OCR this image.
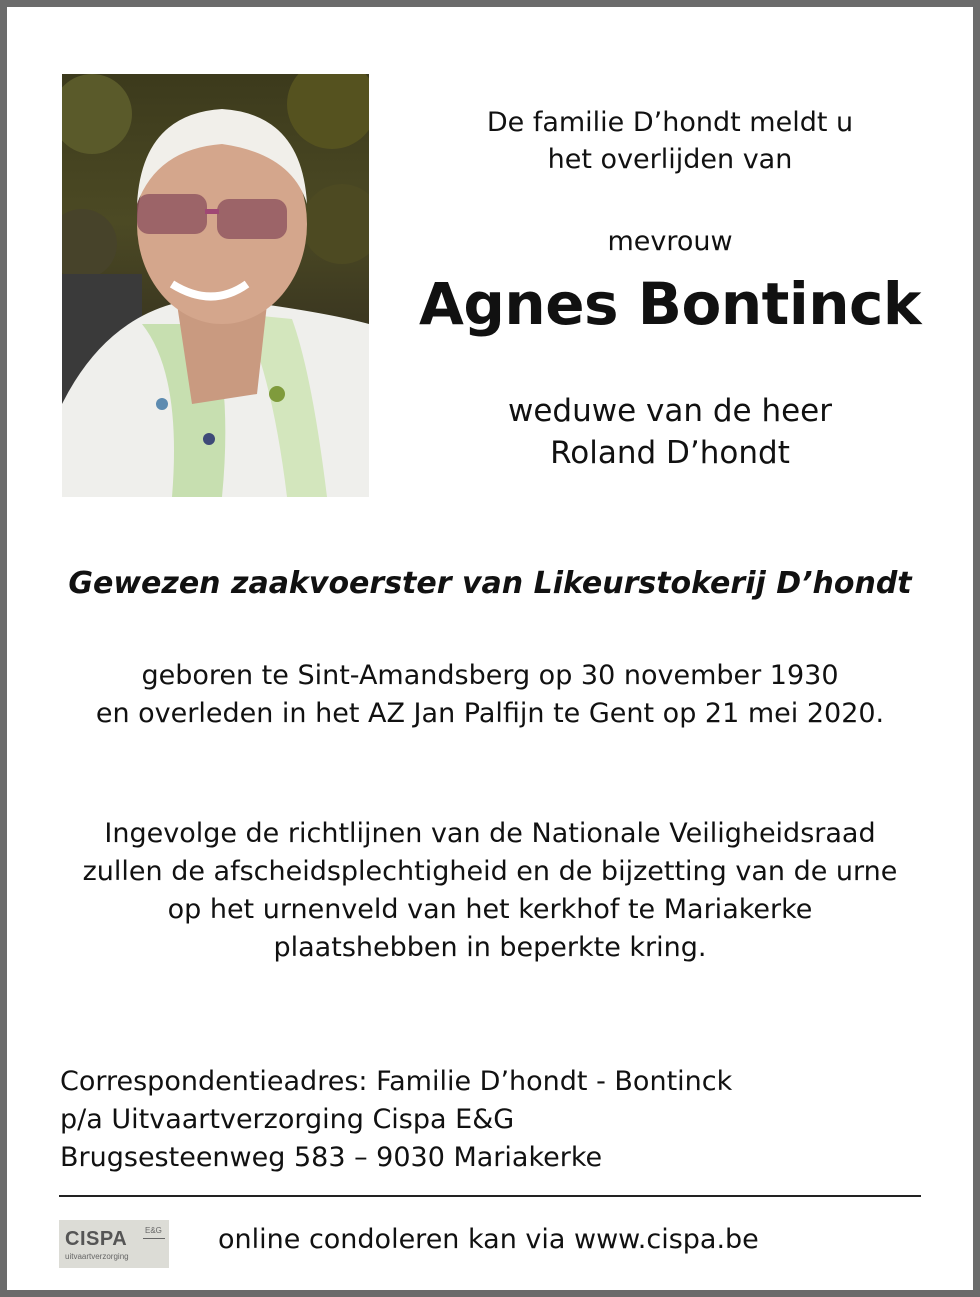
De familie D’hondt meldt u
het overlijden van
mevrouw
Agnes Bontinck
weduwe van de heer
Roland D’hondt
Gewezen zaakvoerster van Likeurstokerij D’hondt
geboren te Sint-Amandsberg op 30 november 1930
en overleden in het AZ Jan Palfijn te Gent op 21 mei 2020.
Ingevolge de richtlijnen van de Nationale Veiligheidsraad
zullen de afscheidsplechtigheid en de bijzetting van de urne
op het urnenveld van het kerkhof te Mariakerke
plaatshebben in beperkte kring.
Correspondentieadres: Familie D’hondt - Bontinck
p/a Uitvaartverzorging Cispa E&G
Brugsesteenweg 583 – 9030 Mariakerke
CISPA E&G
uitvaartverzorging
online condoleren kan via www.cispa.be
